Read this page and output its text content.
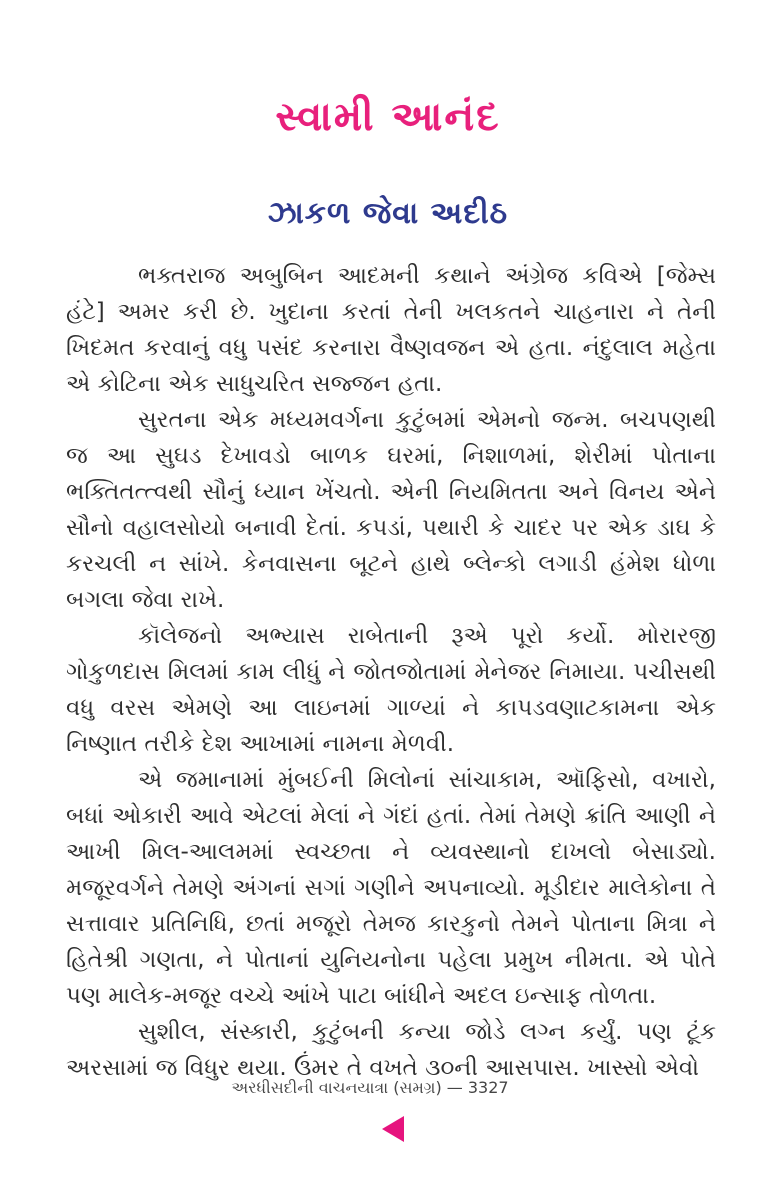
સ્વામી આનંદ
ઝાકળ જેવા અદીઠ

ભક્તરાજ અબુબિન આદમની કથાને અંગ્રેજ કવિએ [જેમ્સ હંટે] અમર કરી છે. ખુદાના કરતાં તેની ખલકતને ચાહનારા ને તેની ખિદમત કરવાનું વધુ પસંદ કરનારા વૈષ્ણવજન એ હતા. નંદુલાલ મહેતા એ કોટિના એક સાધુચરિત સજ્જન હતા.

સુરતના એક મધ્યમવર્ગના કુટુંબમાં એમનો જન્મ. બચપણથી જ આ સુઘડ દેખાવડો બાળક ઘરમાં, નિશાળમાં, શેરીમાં પોતાના ભક્તિતત્ત્વથી સૌનું ધ્યાન ખેંચતો. એની નિયમિતતા અને વિનય એને સૌનો વહાલસોયો બનાવી દેતાં. કપડાં, પથારી કે ચાદર પર એક ડાઘ કે કરચલી ન સાંખે. કેનવાસના બૂટને હાથે બ્લેન્કો લગાડી હંમેશ ધોળા બગલા જેવા રાખે.

કૉલેજનો અભ્યાસ રાબેતાની રૂએ પૂરો કર્યો. મોરારજી ગોકુળદાસ મિલમાં કામ લીધું ને જોતજોતામાં મેનેજર નિમાયા. પચીસથી વધુ વરસ એમણે આ લાઇનમાં ગાળ્યાં ને કાપડવણાટકામના એક નિષ્ણાત તરીકે દેશ આખામાં નામના મેળવી.

એ જમાનામાં મુંબઈની મિલોનાં સાંચાકામ, ઑફિસો, વખારો, બધાં ઓકારી આવે એટલાં મેલાં ને ગંદાં હતાં. તેમાં તેમણે ક્રાંતિ આણી ને આખી મિલ-આલમમાં સ્વચ્છતા ને વ્યવસ્થાનો દાખલો બેસાડ્યો. મજૂરવર્ગને તેમણે અંગનાં સગાં ગણીને અપનાવ્યો. મૂડીદાર માલેકોના તે સત્તાવાર પ્રતિનિધિ, છતાં મજૂરો તેમજ કારકુનો તેમને પોતાના મિત્રા ને હિતેશ્રી ગણતા, ને પોતાનાં યુનિયનોના પહેલા પ્રમુખ નીમતા. એ પોતે પણ માલેક-મજૂર વચ્ચે આંખે પાટા બાંધીને અદલ ઇન્સાફ તોળતા.

સુશીલ, સંસ્કારી, કુટુંબની કન્યા જોડે લગ્ન કર્યું. પણ ટૂંક અરસામાં જ વિધુર થયા. ઉંમર તે વખતે ૩૦ની આસપાસ. ખાસ્સો એવો

અરધીસદીની વાચનયાત્રા (સમગ્ર) — 3327
